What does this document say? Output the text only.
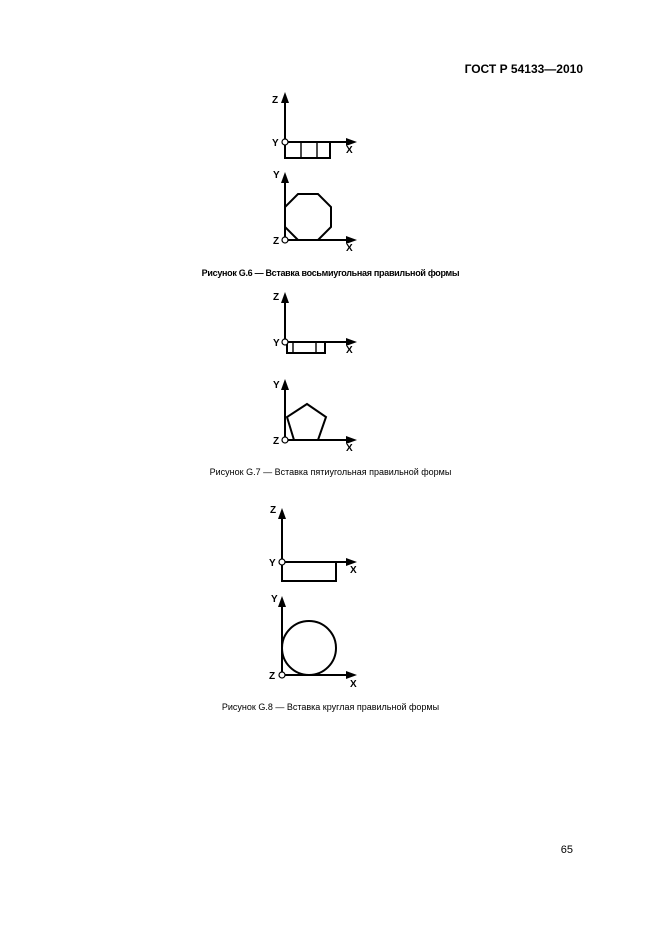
ГОСТ Р 54133—2010
Z
Y
X
Y
Z
X
Z
Y
X
Y
Z
X
Z
Y
X
Y
Z
X
Рисунок G.6 — Вставка восьмиугольная правильной формы
Рисунок G.7 — Вставка пятиугольная правильной формы
Рисунок G.8 — Вставка круглая правильной формы
65
